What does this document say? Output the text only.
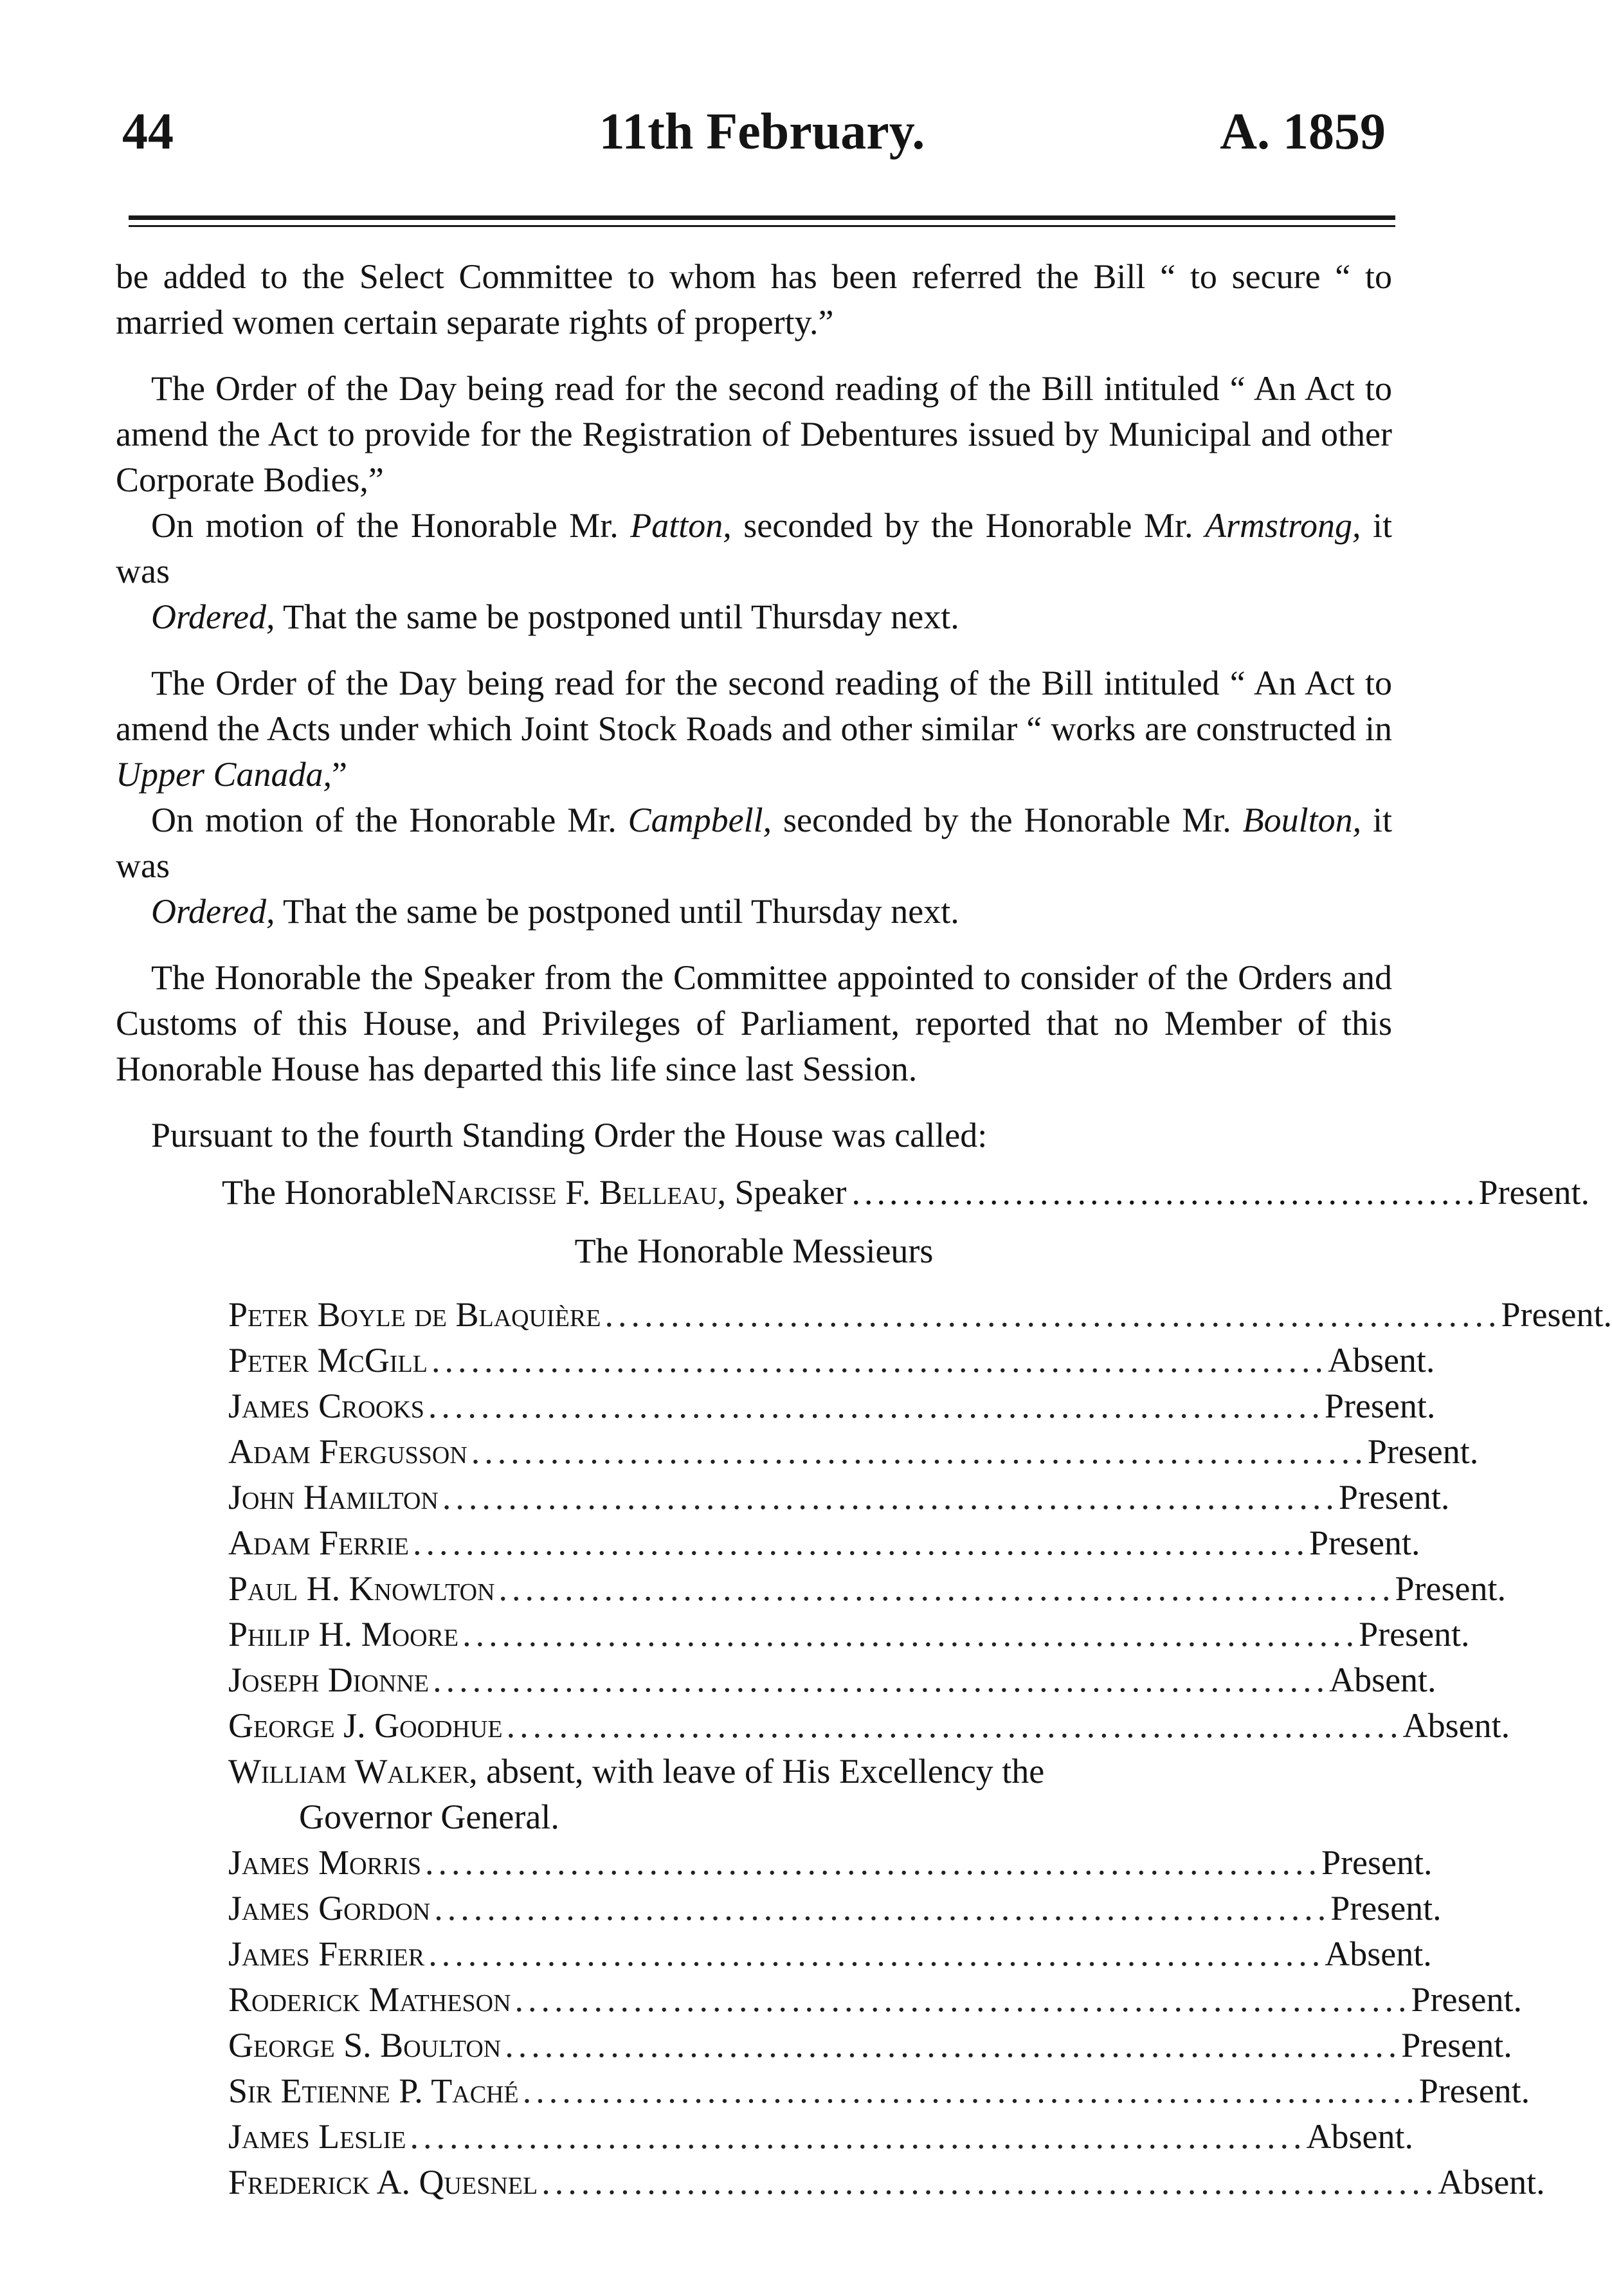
44	11th February.	A. 1859

be added to the Select Committee to whom has been referred the Bill “ to secure “ to married women certain separate rights of property.”

The Order of the Day being read for the second reading of the Bill intituled “ An Act to amend the Act to provide for the Registration of Debentures issued by Municipal and other Corporate Bodies,”

On motion of the Honorable Mr. Patton, seconded by the Honorable Mr. Armstrong, it was

Ordered, That the same be postponed until Thursday next.

The Order of the Day being read for the second reading of the Bill intituled “ An Act to amend the Acts under which Joint Stock Roads and other similar “ works are constructed in Upper Canada,”

On motion of the Honorable Mr. Campbell, seconded by the Honorable Mr. Boulton, it was

Ordered, That the same be postponed until Thursday next.

The Honorable the Speaker from the Committee appointed to consider of the Orders and Customs of this House, and Privileges of Parliament, reported that no Member of this Honorable House has departed this life since last Session.

Pursuant to the fourth Standing Order the House was called:

The Honorable Narcisse F. Belleau , Speaker .................................................. Present.
The Honorable Messieurs
Peter Boyle de Blaquière .................................................................... Present.
Peter McGill .................................................................... Absent.
James Crooks .................................................................... Present.
Adam Fergusson .................................................................... Present.
John Hamilton .................................................................... Present.
Adam Ferrie .................................................................... Present.
Paul H. Knowlton .................................................................... Present.
Philip H. Moore .................................................................... Present.
Joseph Dionne .................................................................... Absent.
George J. Goodhue .................................................................... Absent.
William Walker, absent, with leave of His Excellency the
Governor General.
James Morris .................................................................... Present.
James Gordon .................................................................... Present.
James Ferrier .................................................................... Absent.
Roderick Matheson .................................................................... Present.
George S. Boulton .................................................................... Present.
Sir Etienne P. Taché .................................................................... Present.
James Leslie .................................................................... Absent.
Frederick A. Quesnel .................................................................... Absent.
